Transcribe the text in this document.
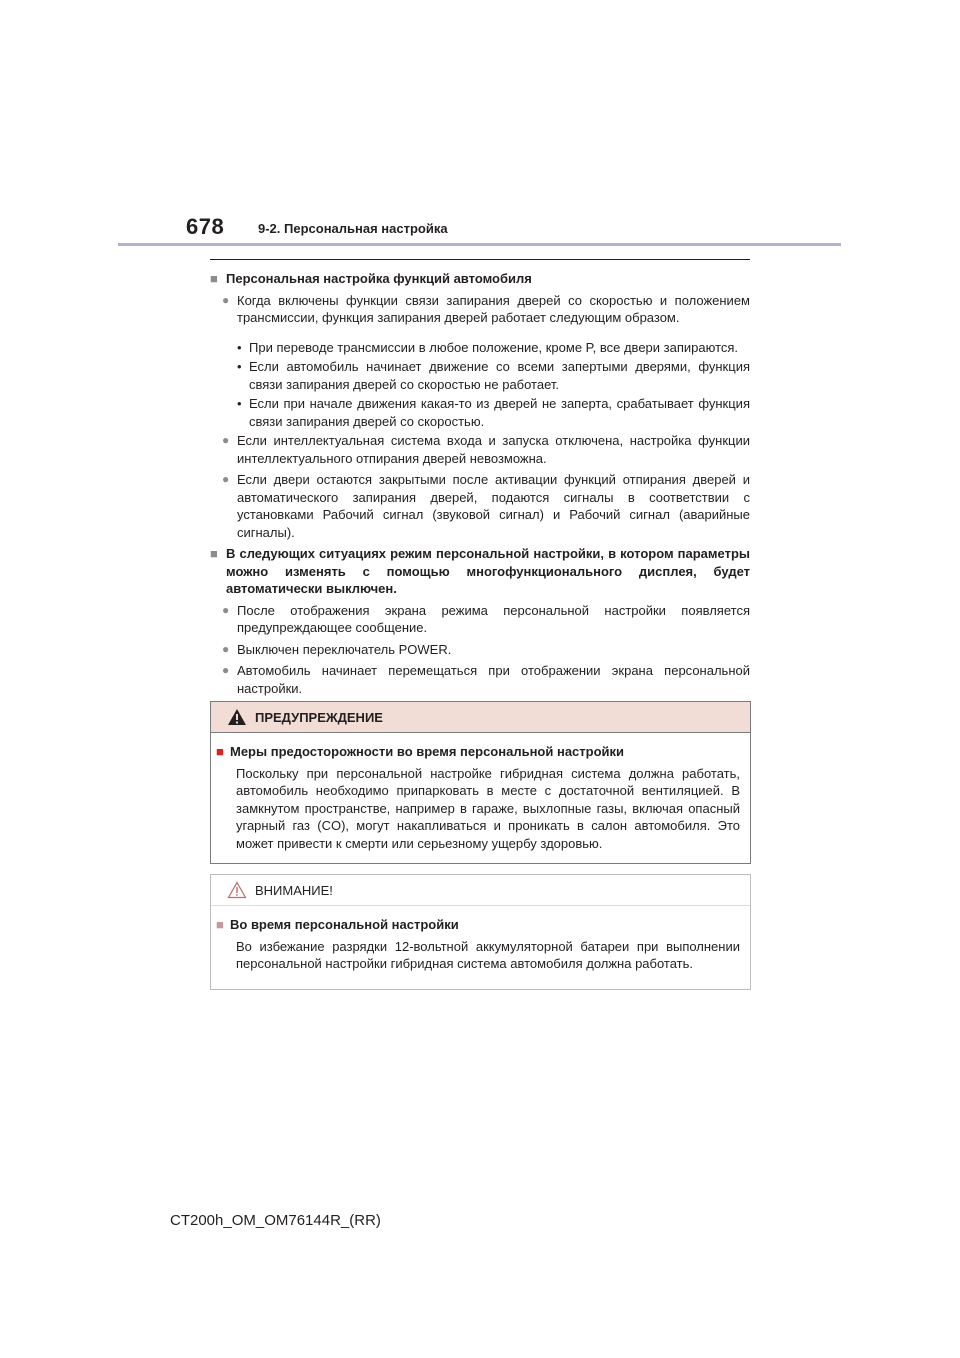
678	9-2. Персональная настройка
■ Персональная настройка функций автомобиля
● Когда включены функции связи запирания дверей со скоростью и положением трансмиссии, функция запирания дверей работает следующим образом.
• При переводе трансмиссии в любое положение, кроме P, все двери запираются.
• Если автомобиль начинает движение со всеми запертыми дверями, функция связи запирания дверей со скоростью не работает.
• Если при начале движения какая-то из дверей не заперта, срабатывает функция связи запирания дверей со скоростью.
● Если интеллектуальная система входа и запуска отключена, настройка функции интеллектуального отпирания дверей невозможна.
● Если двери остаются закрытыми после активации функций отпирания дверей и автоматического запирания дверей, подаются сигналы в соответствии с установками Рабочий сигнал (звуковой сигнал) и Рабочий сигнал (аварийные сигналы).
■ В следующих ситуациях режим персональной настройки, в котором параметры можно изменять с помощью многофункционального дисплея, будет автоматически выключен.
● После отображения экрана режима персональной настройки появляется предупреждающее сообщение.
● Выключен переключатель POWER.
● Автомобиль начинает перемещаться при отображении экрана персональной настройки.
ПРЕДУПРЕЖДЕНИЕ
■ Меры предосторожности во время персональной настройки
Поскольку при персональной настройке гибридная система должна работать, автомобиль необходимо припарковать в месте с достаточной вентиляцией. В замкнутом пространстве, например в гараже, выхлопные газы, включая опасный угарный газ (CO), могут накапливаться и проникать в салон автомобиля. Это может привести к смерти или серьезному ущербу здоровью.
ВНИМАНИЕ!
■ Во время персональной настройки
Во избежание разрядки 12-вольтной аккумуляторной батареи при выполнении персональной настройки гибридная система автомобиля должна работать.
CT200h_OM_OM76144R_(RR)
